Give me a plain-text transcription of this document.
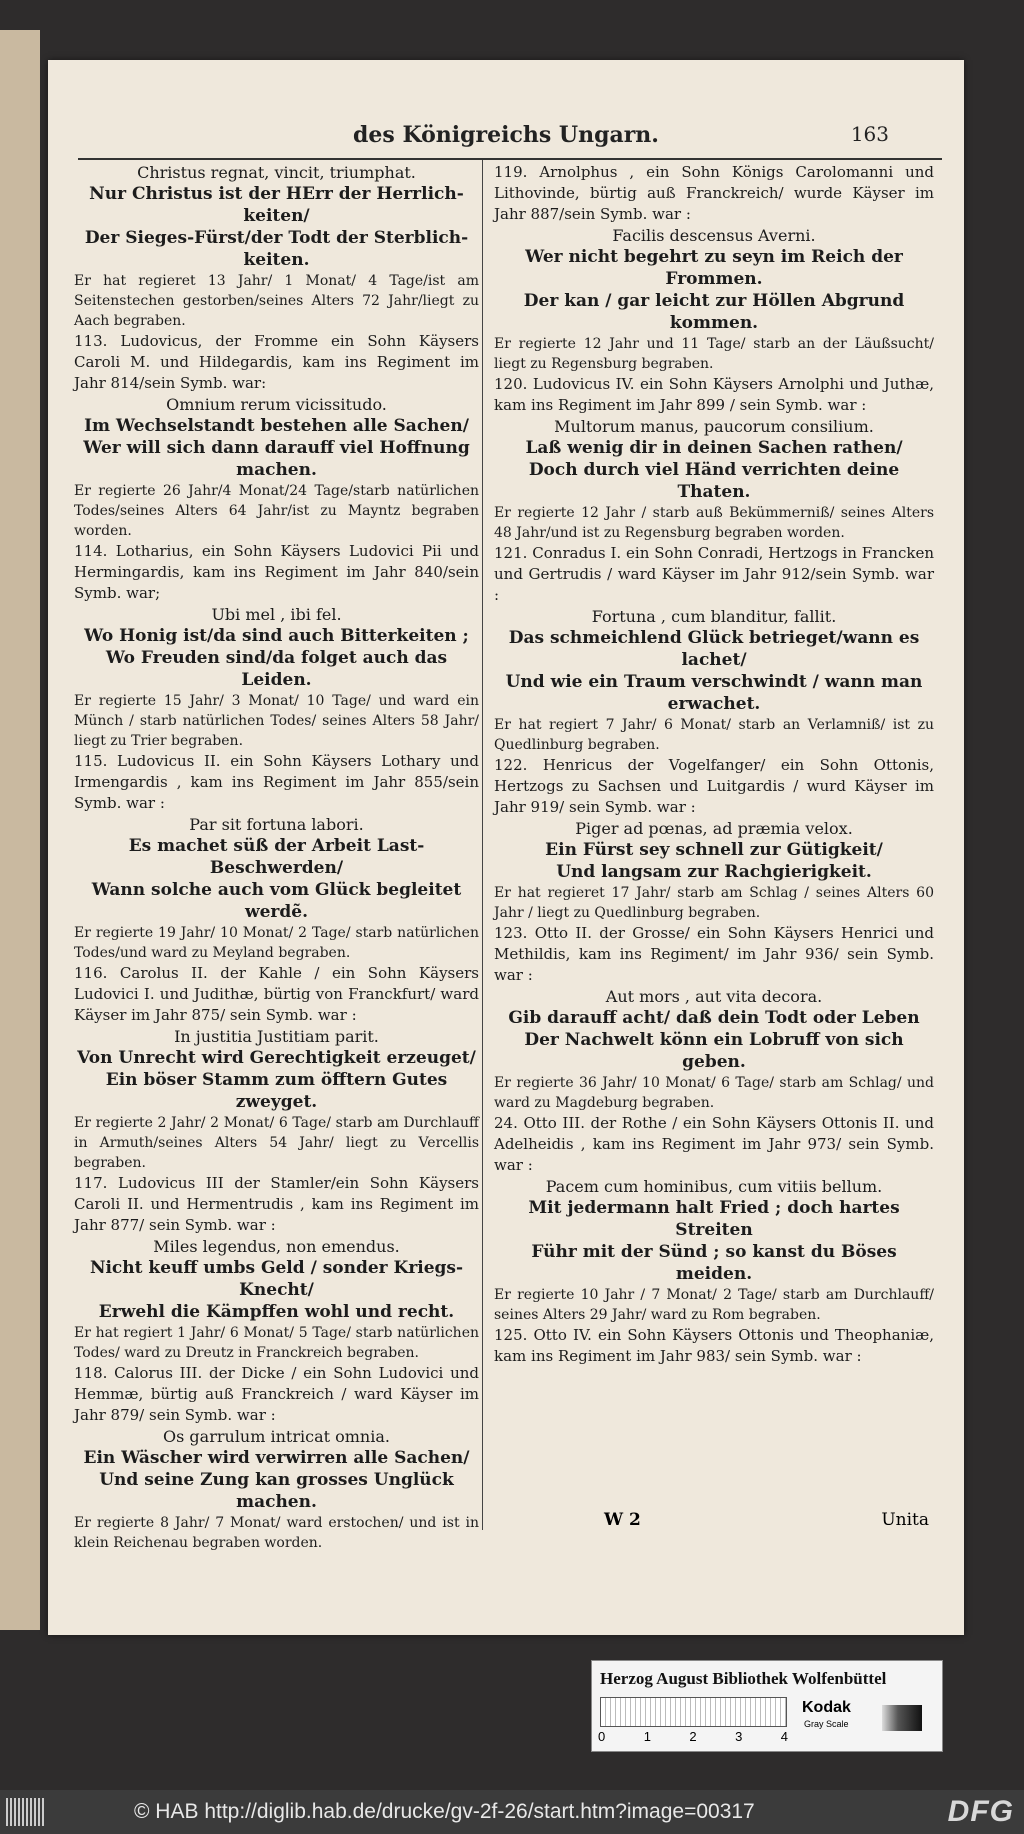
des Königreichs Ungarn.	163

Christus regnat, vincit, triumphat.

Nur Christus ist der HErr der Herrlich-keiten/

Der Sieges-Fürst/der Todt der Sterblich-keiten.

Er hat regieret 13 Jahr/ 1 Monat/ 4 Tage/ist am Seitenstechen gestorben/seines Alters 72 Jahr/liegt zu Aach begraben.

113. Ludovicus, der Fromme ein Sohn Käysers Caroli M. und Hildegardis, kam ins Regiment im Jahr 814/sein Symb. war:

Omnium rerum vicissitudo.

Im Wechselstandt bestehen alle Sachen/

Wer will sich dann darauff viel Hoffnung machen.

Er regierte 26 Jahr/4 Monat/24 Tage/starb natürlichen Todes/seines Alters 64 Jahr/ist zu Mayntz begraben worden.

114. Lotharius, ein Sohn Käysers Ludovici Pii und Hermingardis, kam ins Regiment im Jahr 840/sein Symb. war;

Ubi mel , ibi fel.

Wo Honig ist/da sind auch Bitterkeiten ;

Wo Freuden sind/da folget auch das Leiden.

Er regierte 15 Jahr/ 3 Monat/ 10 Tage/ und ward ein Münch / starb natürlichen Todes/ seines Alters 58 Jahr/ liegt zu Trier begraben.

115. Ludovicus II. ein Sohn Käysers Lothary und Irmengardis , kam ins Regiment im Jahr 855/sein Symb. war :

Par sit fortuna labori.

Es machet süß der Arbeit Last-Beschwerden/

Wann solche auch vom Glück begleitet werdẽ.

Er regierte 19 Jahr/ 10 Monat/ 2 Tage/ starb natürlichen Todes/und ward zu Meyland begraben.

116. Carolus II. der Kahle / ein Sohn Käysers Ludovici I. und Judithæ, bürtig von Franckfurt/ ward Käyser im Jahr 875/ sein Symb. war :

In justitia Justitiam parit.

Von Unrecht wird Gerechtigkeit erzeuget/

Ein böser Stamm zum öfftern Gutes zweyget.

Er regierte 2 Jahr/ 2 Monat/ 6 Tage/ starb am Durchlauff in Armuth/seines Alters 54 Jahr/ liegt zu Vercellis begraben.

117. Ludovicus III der Stamler/ein Sohn Käysers Caroli II. und Hermentrudis , kam ins Regiment im Jahr 877/ sein Symb. war :

Miles legendus, non emendus.

Nicht keuff umbs Geld / sonder Kriegs-Knecht/

Erwehl die Kämpffen wohl und recht.

Er hat regiert 1 Jahr/ 6 Monat/ 5 Tage/ starb natürlichen Todes/ ward zu Dreutz in Franckreich begraben.

118. Calorus III. der Dicke / ein Sohn Ludovici und Hemmæ, bürtig auß Franckreich / ward Käyser im Jahr 879/ sein Symb. war :

Os garrulum intricat omnia.

Ein Wäscher wird verwirren alle Sachen/

Und seine Zung kan grosses Unglück machen.

Er regierte 8 Jahr/ 7 Monat/ ward erstochen/ und ist in klein Reichenau begraben worden.

119. Arnolphus , ein Sohn Königs Carolomanni und Lithovinde, bürtig auß Franckreich/ wurde Käyser im Jahr 887/sein Symb. war :

Facilis descensus Averni.

Wer nicht begehrt zu seyn im Reich der Frommen.

Der kan / gar leicht zur Höllen Abgrund kommen.

Er regierte 12 Jahr und 11 Tage/ starb an der Läußsucht/ liegt zu Regensburg begraben.

120. Ludovicus IV. ein Sohn Käysers Arnolphi und Juthæ, kam ins Regiment im Jahr 899 / sein Symb. war :

Multorum manus, paucorum consilium.

Laß wenig dir in deinen Sachen rathen/

Doch durch viel Händ verrichten deine Thaten.

Er regierte 12 Jahr / starb auß Bekümmerniß/ seines Alters 48 Jahr/und ist zu Regensburg begraben worden.

121. Conradus I. ein Sohn Conradi, Hertzogs in Francken und Gertrudis / ward Käyser im Jahr 912/sein Symb. war :

Fortuna , cum blanditur, fallit.

Das schmeichlend Glück betrieget/wann es lachet/

Und wie ein Traum verschwindt / wann man erwachet.

Er hat regiert 7 Jahr/ 6 Monat/ starb an Verlamniß/ ist zu Quedlinburg begraben.

122. Henricus der Vogelfanger/ ein Sohn Ottonis, Hertzogs zu Sachsen und Luitgardis / wurd Käyser im Jahr 919/ sein Symb. war :

Piger ad pœnas, ad præmia velox.

Ein Fürst sey schnell zur Gütigkeit/

Und langsam zur Rachgierigkeit.

Er hat regieret 17 Jahr/ starb am Schlag / seines Alters 60 Jahr / liegt zu Quedlinburg begraben.

123. Otto II. der Grosse/ ein Sohn Käysers Henrici und Methildis, kam ins Regiment/ im Jahr 936/ sein Symb. war :

Aut mors , aut vita decora.

Gib darauff acht/ daß dein Todt oder Leben

Der Nachwelt könn ein Lobruff von sich geben.

Er regierte 36 Jahr/ 10 Monat/ 6 Tage/ starb am Schlag/ und ward zu Magdeburg begraben.

24. Otto III. der Rothe / ein Sohn Käysers Ottonis II. und Adelheidis , kam ins Regiment im Jahr 973/ sein Symb. war :

Pacem cum hominibus, cum vitiis bellum.

Mit jedermann halt Fried ; doch hartes Streiten

Führ mit der Sünd ; so kanst du Böses meiden.

Er regierte 10 Jahr / 7 Monat/ 2 Tage/ starb am Durchlauff/ seines Alters 29 Jahr/ ward zu Rom begraben.

125. Otto IV. ein Sohn Käysers Ottonis und Theophaniæ, kam ins Regiment im Jahr 983/ sein Symb. war :

W 2	Unita
Herzog August Bibliothek Wolfenbüttel
0	1	2	3	4
Kodak
Gray Scale
© HAB http://diglib.hab.de/drucke/gv-2f-26/start.htm?image=00317	DFG
